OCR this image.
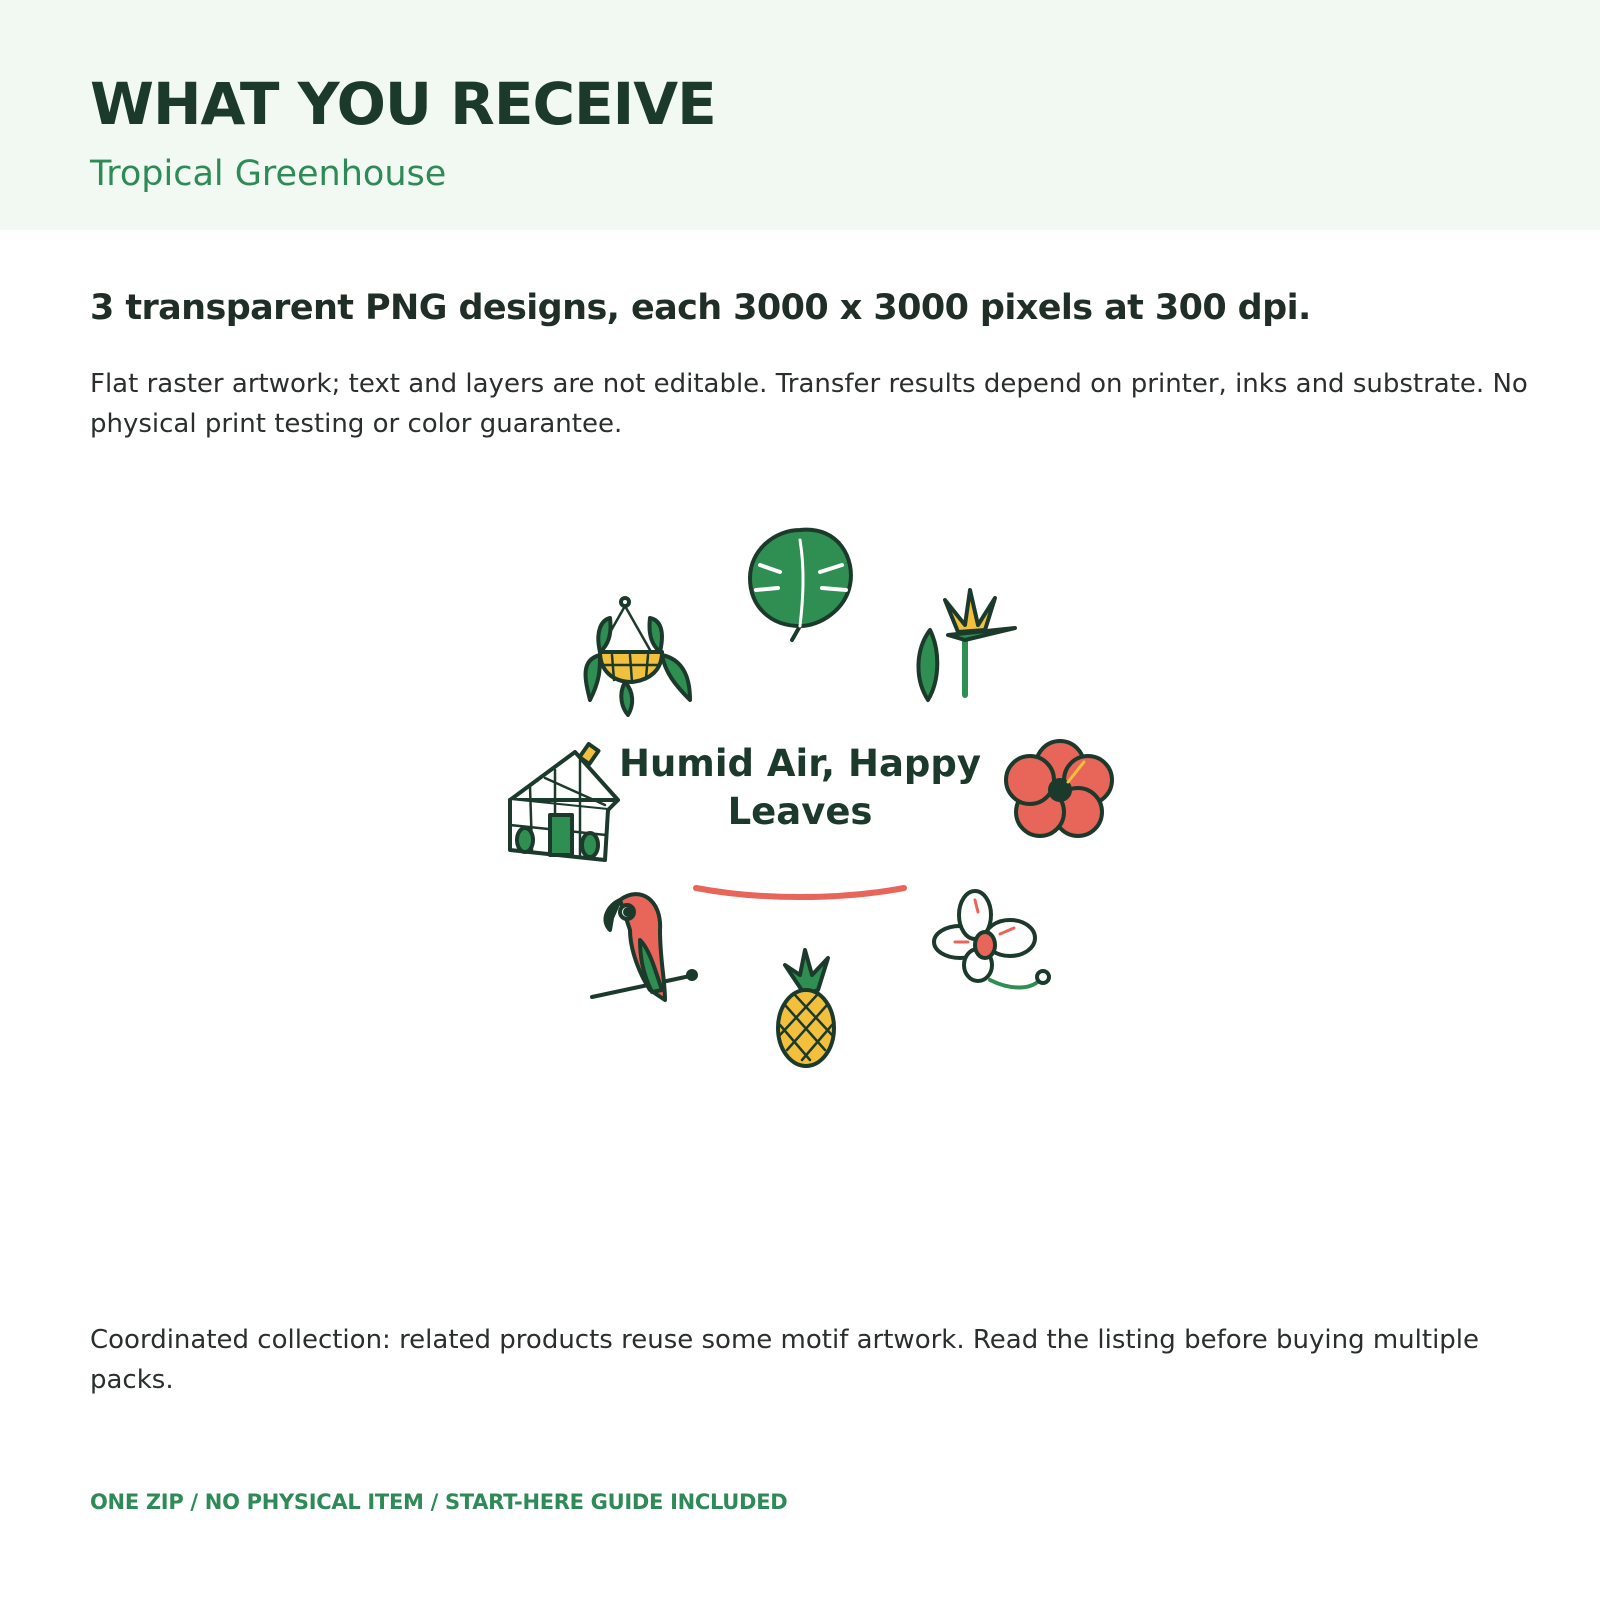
WHAT YOU RECEIVE

Tropical Greenhouse

3 transparent PNG designs, each 3000 x 3000 pixels at 300 dpi.

Flat raster artwork; text and layers are not editable. Transfer results depend on printer, inks and substrate. No physical print testing or color guarantee.

Humid Air, Happy
Leaves

Coordinated collection: related products reuse some motif artwork. Read the listing before buying multiple packs.

ONE ZIP / NO PHYSICAL ITEM / START-HERE GUIDE INCLUDED
